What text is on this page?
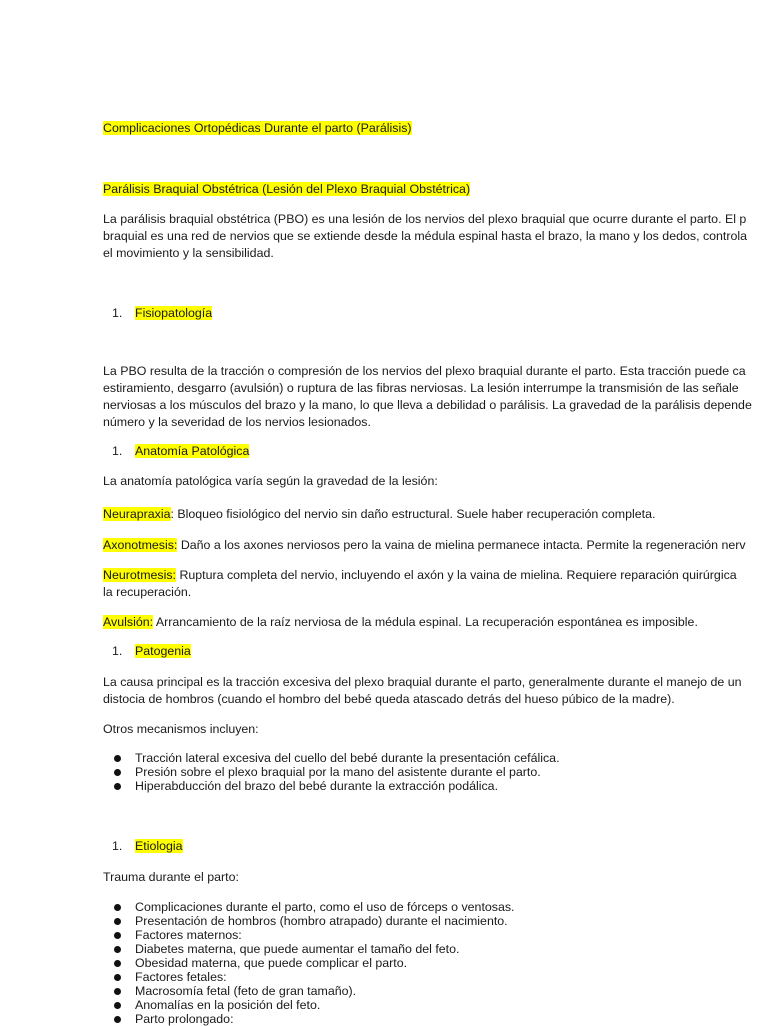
Complicaciones Ortopédicas Durante el parto (Parálisis)
Parálisis Braquial Obstétrica (Lesión del Plexo Braquial Obstétrica)
La parálisis braquial obstétrica (PBO) es una lesión de los nervios del plexo braquial que ocurre durante el parto. El p
braquial es una red de nervios que se extiende desde la médula espinal hasta el brazo, la mano y los dedos, controla
el movimiento y la sensibilidad.
1. Fisiopatología
La PBO resulta de la tracción o compresión de los nervios del plexo braquial durante el parto. Esta tracción puede ca
estiramiento, desgarro (avulsión) o ruptura de las fibras nerviosas. La lesión interrumpe la transmisión de las señale
nerviosas a los músculos del brazo y la mano, lo que lleva a debilidad o parálisis. La gravedad de la parálisis depende
número y la severidad de los nervios lesionados.
1. Anatomía Patológica
La anatomía patológica varía según la gravedad de la lesión:
Neurapraxia: Bloqueo fisiológico del nervio sin daño estructural. Suele haber recuperación completa.
Axonotmesis: Daño a los axones nerviosos pero la vaina de mielina permanece intacta. Permite la regeneración nerv
Neurotmesis: Ruptura completa del nervio, incluyendo el axón y la vaina de mielina. Requiere reparación quirúrgica
la recuperación.
Avulsión: Arrancamiento de la raíz nerviosa de la médula espinal. La recuperación espontánea es imposible.
1. Patogenia
La causa principal es la tracción excesiva del plexo braquial durante el parto, generalmente durante el manejo de un
distocia de hombros (cuando el hombro del bebé queda atascado detrás del hueso púbico de la madre).
Otros mecanismos incluyen:
Tracción lateral excesiva del cuello del bebé durante la presentación cefálica.
Presión sobre el plexo braquial por la mano del asistente durante el parto.
Hiperabducción del brazo del bebé durante la extracción podálica.
1. Etiologia
Trauma durante el parto:
Complicaciones durante el parto, como el uso de fórceps o ventosas.
Presentación de hombros (hombro atrapado) durante el nacimiento.
Factores maternos:
Diabetes materna, que puede aumentar el tamaño del feto.
Obesidad materna, que puede complicar el parto.
Factores fetales:
Macrosomía fetal (feto de gran tamaño).
Anomalías en la posición del feto.
Parto prolongado:
